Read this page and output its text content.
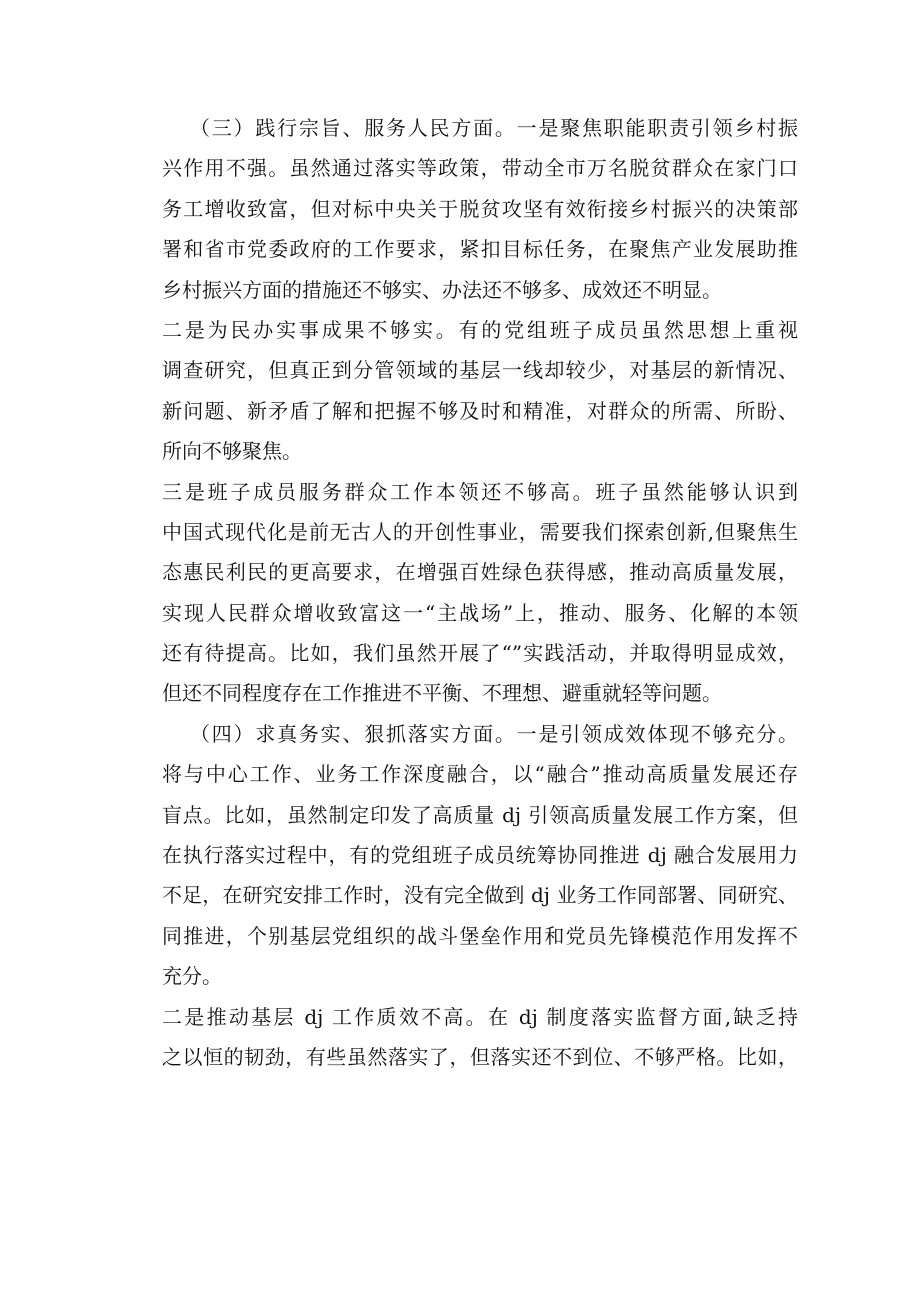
（三）践行宗旨、服务人民方面。一是聚焦职能职责引领乡村振
兴作用不强。虽然通过落实等政策，带动全市万名脱贫群众在家门口
务工增收致富，但对标中央关于脱贫攻坚有效衔接乡村振兴的决策部
署和省市党委政府的工作要求，紧扣目标任务，在聚焦产业发展助推
乡村振兴方面的措施还不够实、办法还不够多、成效还不明显。
二是为民办实事成果不够实。有的党组班子成员虽然思想上重视
调查研究，但真正到分管领域的基层一线却较少，对基层的新情况、
新问题、新矛盾了解和把握不够及时和精准，对群众的所需、所盼、
所向不够聚焦。
三是班子成员服务群众工作本领还不够高。班子虽然能够认识到
中国式现代化是前无古人的开创性事业，需要我们探索创新,但聚焦生
态惠民利民的更高要求，在增强百姓绿色获得感，推动高质量发展，
实现人民群众增收致富这一“主战场”上，推动、服务、化解的本领
还有待提高。比如，我们虽然开展了“”实践活动，并取得明显成效，
但还不同程度存在工作推进不平衡、不理想、避重就轻等问题。
（四）求真务实、狠抓落实方面。一是引领成效体现不够充分。
将与中心工作、业务工作深度融合，以“融合”推动高质量发展还存
盲点。比如，虽然制定印发了高质量 dj 引领高质量发展工作方案，但
在执行落实过程中，有的党组班子成员统筹协同推进 dj 融合发展用力
不足，在研究安排工作时，没有完全做到 dj 业务工作同部署、同研究、
同推进，个别基层党组织的战斗堡垒作用和党员先锋模范作用发挥不
充分。
二是推动基层 dj 工作质效不高。在 dj 制度落实监督方面,缺乏持
之以恒的韧劲，有些虽然落实了，但落实还不到位、不够严格。比如，
